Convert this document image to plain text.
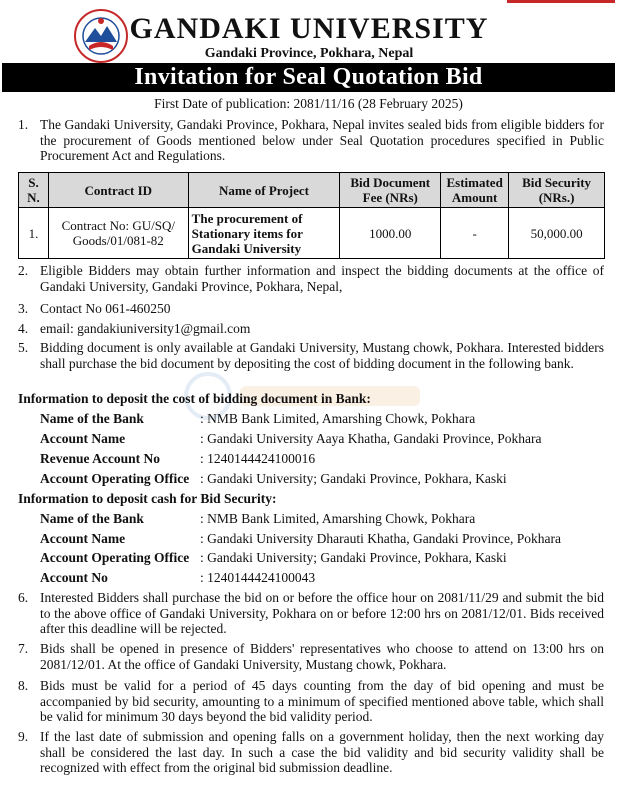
GANDAKI UNIVERSITY
Gandaki Province, Pokhara, Nepal
Invitation for Seal Quotation Bid
First Date of publication: 2081/11/16 (28 February 2025)
1. The Gandaki University, Gandaki Province, Pokhara, Nepal invites sealed bids from eligible bidders for the procurement of Goods mentioned below under Seal Quotation procedures specified in Public Procurement Act and Regulations.
S. N.	Contract ID	Name of Project	Bid Document Fee (NRs)	Estimated Amount	Bid Security (NRs.)
1.	Contract No: GU/SQ/ Goods/01/081-82	The procurement of Stationary items for Gandaki University	1000.00	-	50,000.00
2. Eligible Bidders may obtain further information and inspect the bidding documents at the office of Gandaki University, Gandaki Province, Pokhara, Nepal,
3. Contact No 061-460250
4. email: gandakiuniversity1@gmail.com
5. Bidding document is only available at Gandaki University, Mustang chowk, Pokhara. Interested bidders shall purchase the bid document by depositing the cost of bidding document in the following bank.
Information to deposit the cost of bidding document in Bank:
Name of the Bank	: NMB Bank Limited, Amarshing Chowk, Pokhara
Account Name	: Gandaki University Aaya Khatha, Gandaki Province, Pokhara
Revenue Account No	: 1240144424100016
Account Operating Office : Gandaki University; Gandaki Province, Pokhara, Kaski
Information to deposit cash for Bid Security:
Name of the Bank	: NMB Bank Limited, Amarshing Chowk, Pokhara
Account Name	: Gandaki University Dharauti Khatha, Gandaki Province, Pokhara
Account Operating Office : Gandaki University; Gandaki Province, Pokhara, Kaski
Account No	: 1240144424100043
6. Interested Bidders shall purchase the bid on or before the office hour on 2081/11/29 and submit the bid to the above office of Gandaki University, Pokhara on or before 12:00 hrs on 2081/12/01. Bids received after this deadline will be rejected.
7. Bids shall be opened in presence of Bidders' representatives who choose to attend on 13:00 hrs on 2081/12/01. At the office of Gandaki University, Mustang chowk, Pokhara.
8. Bids must be valid for a period of 45 days counting from the day of bid opening and must be accompanied by bid security, amounting to a minimum of specified mentioned above table, which shall be valid for minimum 30 days beyond the bid validity period.
9. If the last date of submission and opening falls on a government holiday, then the next working day shall be considered the last day. In such a case the bid validity and bid security validity shall be recognized with effect from the original bid submission deadline.
